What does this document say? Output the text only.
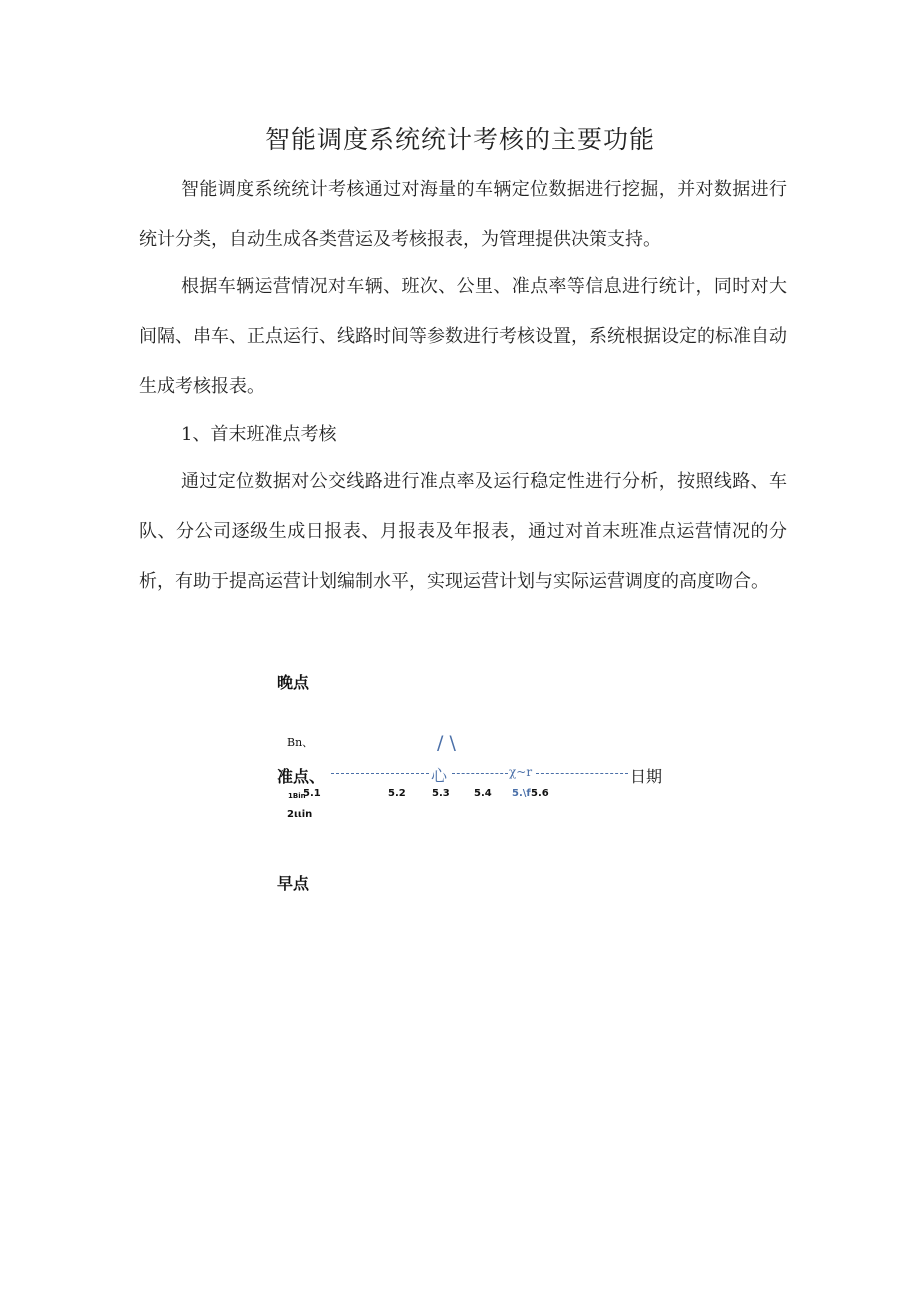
智能调度系统统计考核的主要功能

智能调度系统统计考核通过对海量的车辆定位数据进行挖掘，并对数据进行统计分类，自动生成各类营运及考核报表，为管理提供决策支持。

根据车辆运营情况对车辆、班次、公里、准点率等信息进行统计，同时对大间隔、串车、正点运行、线路时间等参数进行考核设置，系统根据设定的标准自动生成考核报表。

1、首末班准点考核

通过定位数据对公交线路进行准点率及运行稳定性进行分析，按照线路、车队、分公司逐级生成日报表、月报表及年报表，通过对首末班准点运营情况的分析，有助于提高运营计划编制水平，实现运营计划与实际运营调度的高度吻合。

晚点
Bn、	/ \
准点、	心	χ~r	日期
1Bin
5.1	5.2	5.3 5.4 5.\f 5.6
2ιιin
早点
